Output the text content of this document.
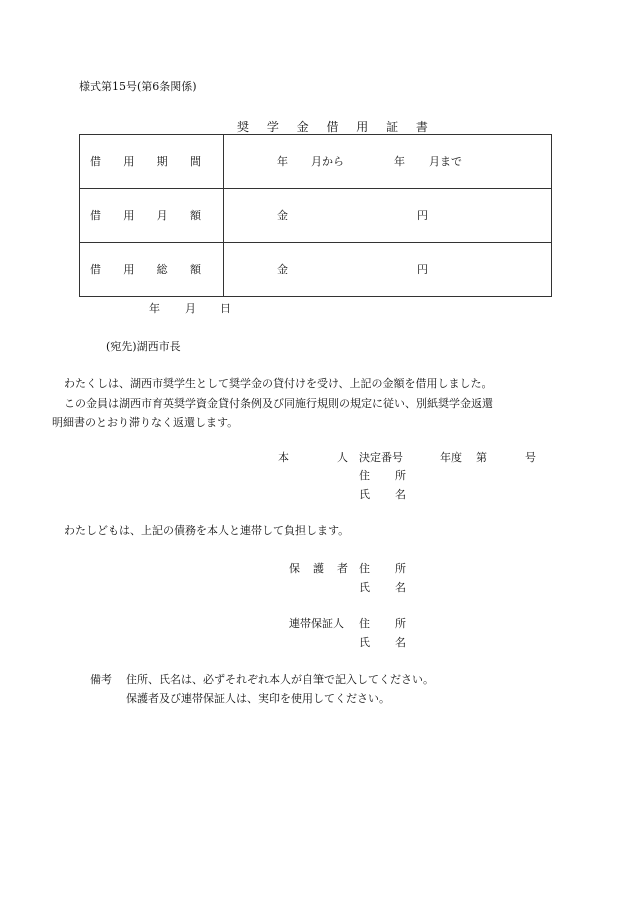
様式第15号(第6条関係)
奨 学 金 借 用 証 書
借 用 期 間	年 月から 年 月まで

借 用 月 額	金 円

借 用 総 額	金 円
年 月 日
(宛先)湖西市長
わたくしは、湖西市奨学生として奨学金の貸付けを受け、上記の金額を借用しました。
この金員は湖西市育英奨学資金貸付条例及び同施行規則の規定に従い、別紙奨学金返還
明細書のとおり滞りなく返還します。
本	人 決定番号	年度 第	号
住 所
氏 名
わたしどもは、上記の債務を本人と連帯して負担します。
保 護 者 住 所
氏 名
連帯保証人 住 所
氏 名
備考 住所、氏名は、必ずそれぞれ本人が自筆で記入してください。
保護者及び連帯保証人は、実印を使用してください。
